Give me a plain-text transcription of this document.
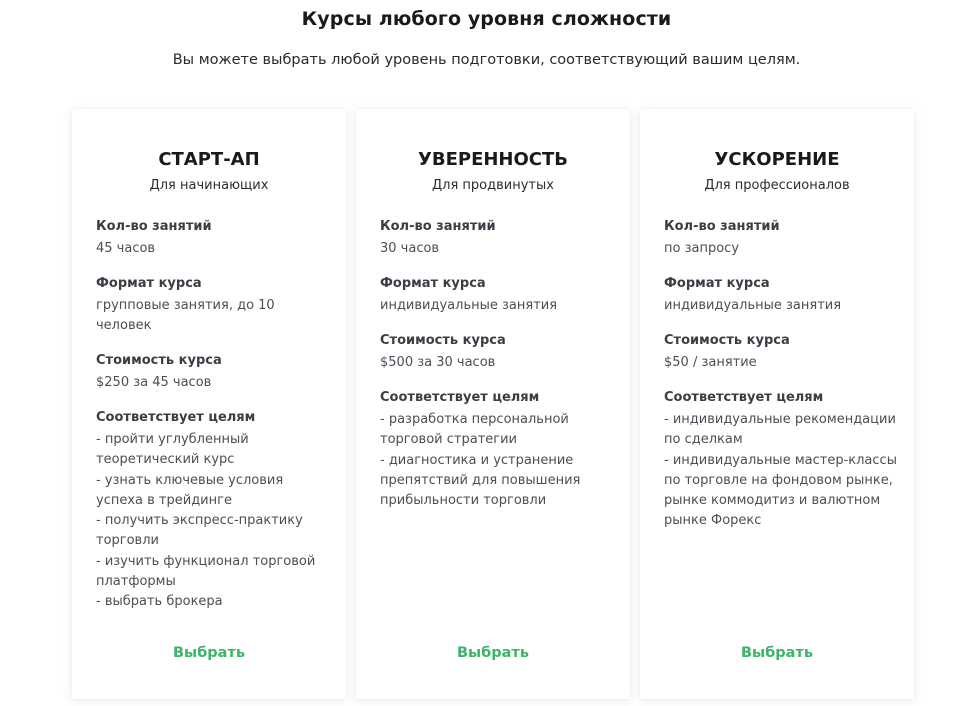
Курсы любого уровня сложности
Вы можете выбрать любой уровень подготовки, соответствующий вашим целям.
СТАРТ-АП
Для начинающих
Кол-во занятий
45 часов
Формат курса
групповые занятия, до 10 человек
Стоимость курса
$250 за 45 часов
Соответствует целям
- пройти углубленный теоретический курс
- узнать ключевые условия успеха в трейдинге
- получить экспресс-практику торговли
- изучить функционал торговой платформы
- выбрать брокера
Выбрать
УВЕРЕННОСТЬ
Для продвинутых
Кол-во занятий
30 часов
Формат курса
индивидуальные занятия
Стоимость курса
$500 за 30 часов
Соответствует целям
- разработка персональной торговой стратегии
- диагностика и устранение препятствий для повышения прибыльности торговли
Выбрать
УСКОРЕНИЕ
Для профессионалов
Кол-во занятий
по запросу
Формат курса
индивидуальные занятия
Стоимость курса
$50 / занятие
Соответствует целям
- индивидуальные рекомендации по сделкам
- индивидуальные мастер-классы по торговле на фондовом рынке, рынке коммодитиз и валютном рынке Форекс
Выбрать
